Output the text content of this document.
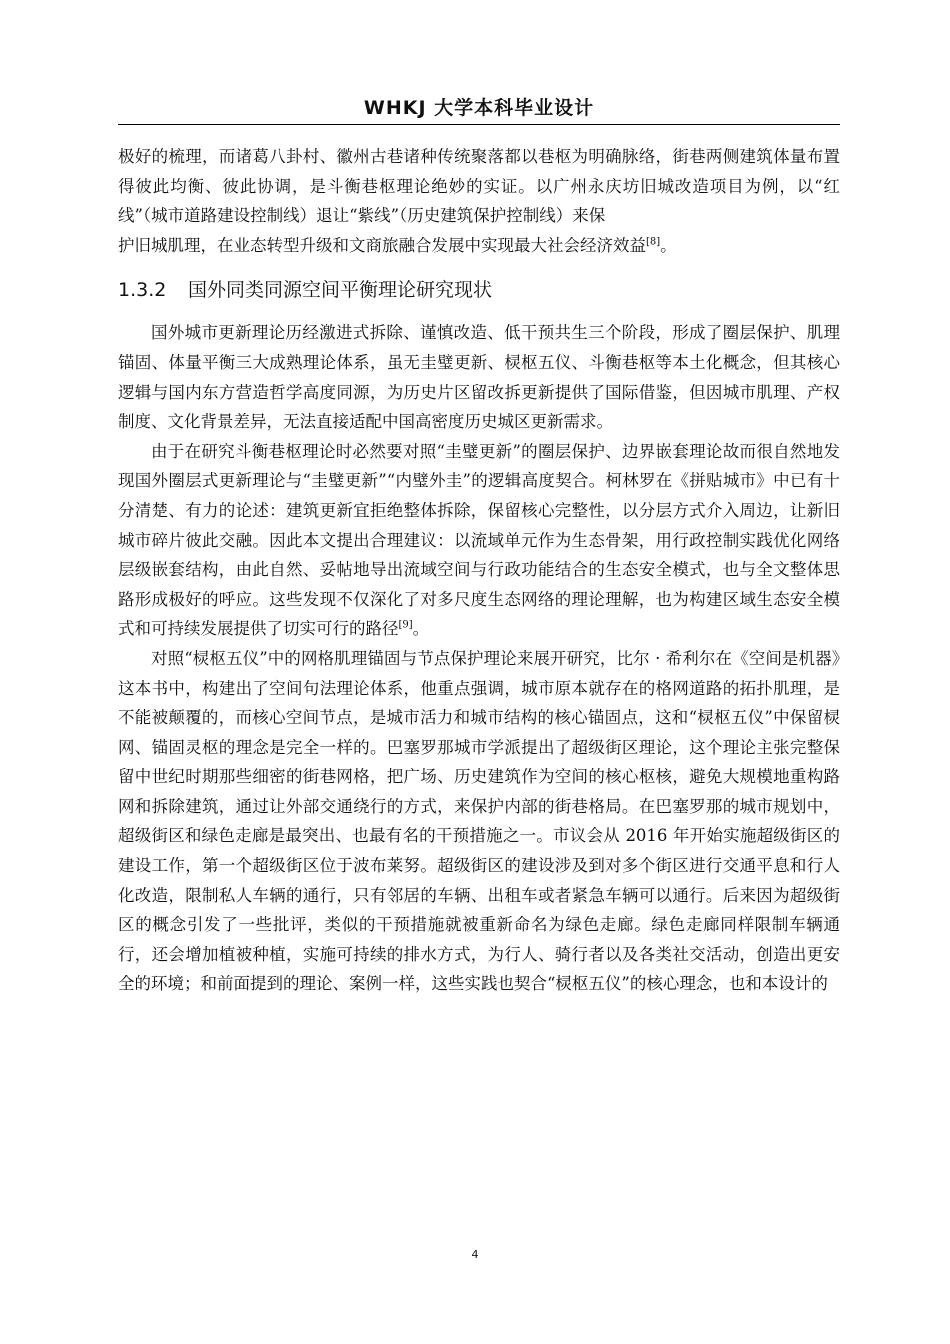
WHKJ 大学本科毕业设计

极好的梳理，而诸葛八卦村、徽州古巷诸种传统聚落都以巷枢为明确脉络，街巷两侧建筑体量布置得彼此均衡、彼此协调，是斗衡巷枢理论绝妙的实证。以广州永庆坊旧城改造项目为例，以“红线”（城市道路建设控制线）退让“紫线”（历史建筑保护控制线）来保

护旧城肌理，在业态转型升级和文商旅融合发展中实现最大社会经济效益[8]。

1.3.2 国外同类同源空间平衡理论研究现状

国外城市更新理论历经激进式拆除、谨慎改造、低干预共生三个阶段，形成了圈层保护、肌理锚固、体量平衡三大成熟理论体系，虽无圭璧更新、棂枢五仪、斗衡巷枢等本土化概念，但其核心逻辑与国内东方营造哲学高度同源，为历史片区留改拆更新提供了国际借鉴，但因城市肌理、产权制度、文化背景差异，无法直接适配中国高密度历史城区更新需求。

由于在研究斗衡巷枢理论时必然要对照“圭璧更新”的圈层保护、边界嵌套理论故而很自然地发现国外圈层式更新理论与“圭璧更新”“内璧外圭”的逻辑高度契合。柯林罗在《拼贴城市》中已有十分清楚、有力的论述：建筑更新宜拒绝整体拆除，保留核心完整性，以分层方式介入周边，让新旧城市碎片彼此交融。因此本文提出合理建议：以流域单元作为生态骨架，用行政控制实践优化网络层级嵌套结构，由此自然、妥帖地导出流域空间与行政功能结合的生态安全模式，也与全文整体思路形成极好的呼应。这些发现不仅深化了对多尺度生态网络的理论理解，也为构建区域生态安全模式和可持续发展提供了切实可行的路径[9]。

对照“棂枢五仪”中的网格肌理锚固与节点保护理论来展开研究，比尔 · 希利尔在《空间是机器》这本书中，构建出了空间句法理论体系，他重点强调，城市原本就存在的格网道路的拓扑肌理，是不能被颠覆的，而核心空间节点，是城市活力和城市结构的核心锚固点，这和“棂枢五仪”中保留棂网、锚固灵枢的理念是完全一样的。巴塞罗那城市学派提出了超级街区理论，这个理论主张完整保留中世纪时期那些细密的街巷网格，把广场、历史建筑作为空间的核心枢核，避免大规模地重构路网和拆除建筑，通过让外部交通绕行的方式，来保护内部的街巷格局。在巴塞罗那的城市规划中，超级街区和绿色走廊是最突出、也最有名的干预措施之一。市议会从 2016 年开始实施超级街区的建设工作，第一个超级街区位于波布莱努。超级街区的建设涉及到对多个街区进行交通平息和行人化改造，限制私人车辆的通行，只有邻居的车辆、出租车或者紧急车辆可以通行。后来因为超级街区的概念引发了一些批评，类似的干预措施就被重新命名为绿色走廊。绿色走廊同样限制车辆通行，还会增加植被种植，实施可持续的排水方式，为行人、骑行者以及各类社交活动，创造出更安全的环境；和前面提到的理论、案例一样，这些实践也契合“棂枢五仪”的核心理念，也和本设计的

4
